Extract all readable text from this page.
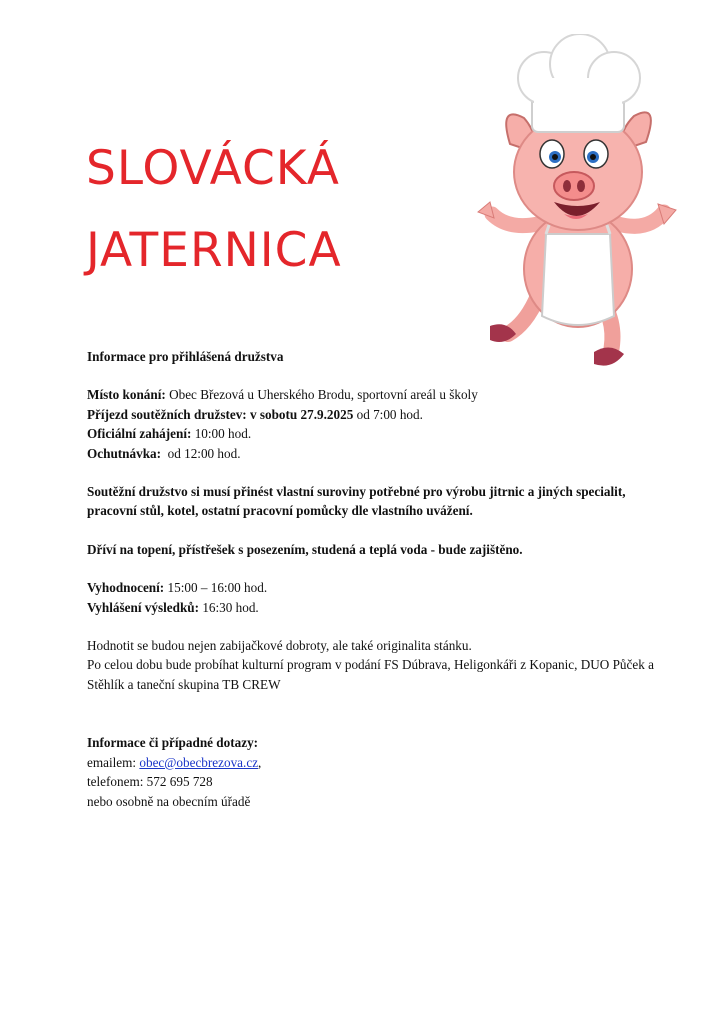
SLOVÁCKÁ
JATERNICA

Informace pro přihlášená družstva

Místo konání: Obec Březová u Uherského Brodu, sportovní areál u školy

Příjezd soutěžních družstev: v sobotu 27.9.2025 od 7:00 hod.

Oficiální zahájení: 10:00 hod.

Ochutnávka:  od 12:00 hod.

Soutěžní družstvo si musí přinést vlastní suroviny potřebné pro výrobu jitrnic a jiných specialit, pracovní stůl, kotel, ostatní pracovní pomůcky dle vlastního uvážení.

Dříví na topení, přístřešek s posezením, studená a teplá voda - bude zajištěno.

Vyhodnocení: 15:00 – 16:00 hod.

Vyhlášení výsledků: 16:30 hod.

Hodnotit se budou nejen zabijačkové dobroty, ale také originalita stánku.

Po celou dobu bude probíhat kulturní program v podání FS Dúbrava, Heligonkáři z Kopanic, DUO Půček a Stěhlík a taneční skupina TB CREW

Informace či případné dotazy:

emailem: obec@obecbrezova.cz,

telefonem: 572 695 728

nebo osobně na obecním úřadě
